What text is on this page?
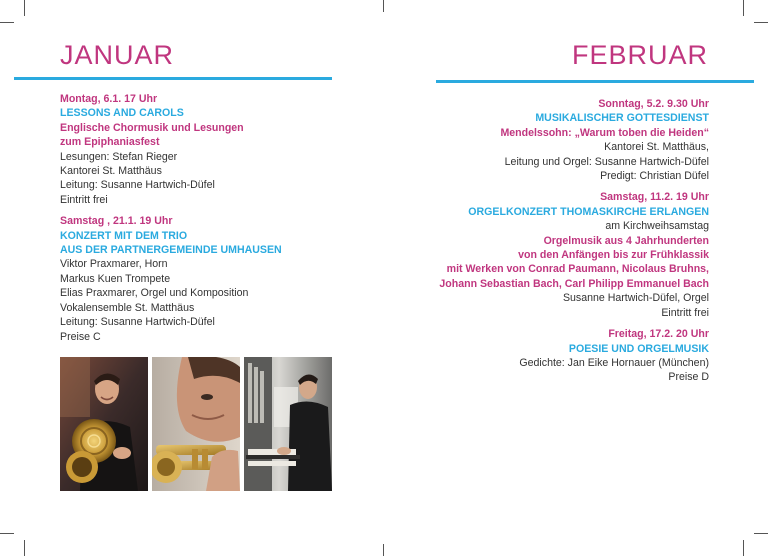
JANUAR
Montag, 6.1. 17 Uhr
LESSONS AND CAROLS
Englische Chormusik und Lesungen
zum Epiphaniasfest
Lesungen: Stefan Rieger
Kantorei St. Matthäus
Leitung: Susanne Hartwich-Düfel
Eintritt frei
Samstag , 21.1. 19 Uhr
KONZERT MIT DEM TRIO
AUS DER PARTNERGEMEINDE UMHAUSEN
Viktor Praxmarer, Horn
Markus Kuen Trompete
Elias Praxmarer, Orgel und Komposition
Vokalensemble St. Matthäus
Leitung: Susanne Hartwich-Düfel
Preise C
FEBRUAR
Sonntag, 5.2. 9.30 Uhr
MUSIKALISCHER GOTTESDIENST
Mendelssohn: „Warum toben die Heiden“
Kantorei St. Matthäus,
Leitung und Orgel: Susanne Hartwich-Düfel
Predigt: Christian Düfel
Samstag, 11.2. 19 Uhr
ORGELKONZERT THOMASKIRCHE ERLANGEN
am Kirchweihsamstag
Orgelmusik aus 4 Jahrhunderten
von den Anfängen bis zur Frühklassik
mit Werken von Conrad Paumann, Nicolaus Bruhns,
Johann Sebastian Bach, Carl Philipp Emmanuel Bach
Susanne Hartwich-Düfel, Orgel
Eintritt frei
Freitag, 17.2. 20 Uhr
POESIE UND ORGELMUSIK
Gedichte: Jan Eike Hornauer (München)
Preise D
